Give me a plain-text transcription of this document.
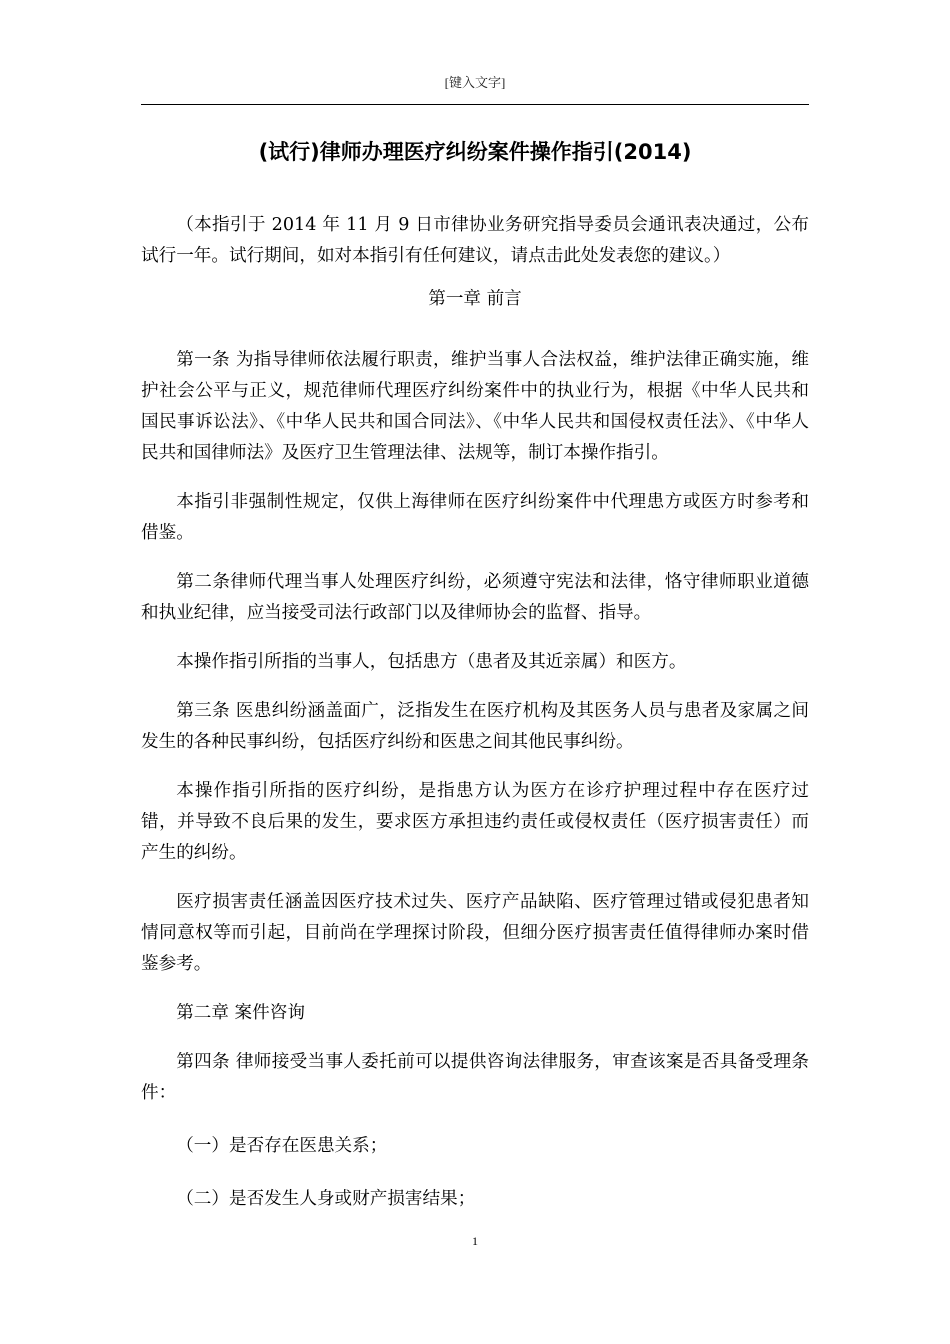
[键入文字]
(试行)律师办理医疗纠纷案件操作指引(2014)

（本指引于 2014 年 11 月 9 日市律协业务研究指导委员会通讯表决通过，公布试行一年。试行期间，如对本指引有任何建议，请点击此处发表您的建议。）

第一章 前言

第一条 为指导律师依法履行职责，维护当事人合法权益，维护法律正确实施，维护社会公平与正义，规范律师代理医疗纠纷案件中的执业行为，根据《中华人民共和国民事诉讼法》、《中华人民共和国合同法》、《中华人民共和国侵权责任法》、《中华人民共和国律师法》及医疗卫生管理法律、法规等，制订本操作指引。

本指引非强制性规定，仅供上海律师在医疗纠纷案件中代理患方或医方时参考和借鉴。

第二条律师代理当事人处理医疗纠纷，必须遵守宪法和法律，恪守律师职业道德和执业纪律，应当接受司法行政部门以及律师协会的监督、指导。

本操作指引所指的当事人，包括患方（患者及其近亲属）和医方。

第三条 医患纠纷涵盖面广，泛指发生在医疗机构及其医务人员与患者及家属之间发生的各种民事纠纷，包括医疗纠纷和医患之间其他民事纠纷。

本操作指引所指的医疗纠纷，是指患方认为医方在诊疗护理过程中存在医疗过错，并导致不良后果的发生，要求医方承担违约责任或侵权责任（医疗损害责任）而产生的纠纷。

医疗损害责任涵盖因医疗技术过失、医疗产品缺陷、医疗管理过错或侵犯患者知情同意权等而引起，目前尚在学理探讨阶段，但细分医疗损害责任值得律师办案时借鉴参考。

第二章 案件咨询

第四条 律师接受当事人委托前可以提供咨询法律服务，审查该案是否具备受理条件：

（一）是否存在医患关系；

（二）是否发生人身或财产损害结果；

1
